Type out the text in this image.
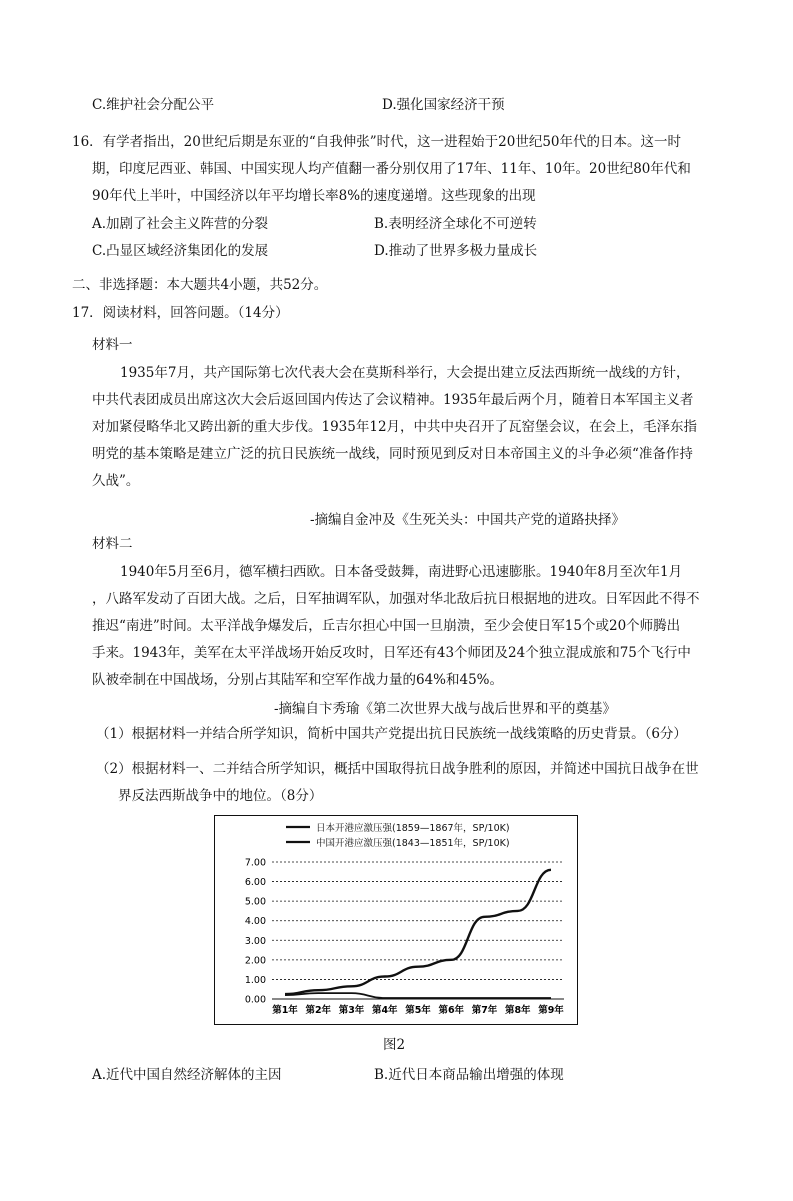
C.维护社会分配公平	D.强化国家经济干预
16．有学者指出，20世纪后期是东亚的“自我伸张”时代，这一进程始于20世纪50年代的日本。这一时
期，印度尼西亚、韩国、中国实现人均产值翻一番分别仅用了17年、11年、10年。20世纪80年代和
90年代上半叶，中国经济以年平均增长率8%的速度递增。这些现象的出现
A.加剧了社会主义阵营的分裂	B.表明经济全球化不可逆转
C.凸显区域经济集团化的发展	D.推动了世界多极力量成长
二、非选择题：本大题共4小题，共52分。
17．阅读材料，回答问题。（14分）
材料一
1935年7月，共产国际第七次代表大会在莫斯科举行，大会提出建立反法西斯统一战线的方针，
中共代表团成员出席这次大会后返回国内传达了会议精神。1935年最后两个月，随着日本军国主义者
对加紧侵略华北又跨出新的重大步伐。1935年12月，中共中央召开了瓦窑堡会议，在会上，毛泽东指
明党的基本策略是建立广泛的抗日民族统一战线，同时预见到反对日本帝国主义的斗争必须“准备作持
久战”。
-摘编自金冲及《生死关头：中国共产党的道路抉择》
材料二
1940年5月至6月，德军横扫西欧。日本备受鼓舞，南进野心迅速膨胀。1940年8月至次年1月
，八路军发动了百团大战。之后，日军抽调军队，加强对华北敌后抗日根据地的进攻。日军因此不得不
推迟“南进”时间。太平洋战争爆发后，丘吉尔担心中国一旦崩溃，至少会使日军15个或20个师腾出
手来。1943年，美军在太平洋战场开始反攻时，日军还有43个师团及24个独立混成旅和75个飞行中
队被牵制在中国战场，分别占其陆军和空军作战力量的64%和45%。
-摘编自卞秀瑜《第二次世界大战与战后世界和平的奠基》
（1）根据材料一并结合所学知识，简析中国共产党提出抗日民族统一战线策略的历史背景。（6分）
（2）根据材料一、二并结合所学知识，概括中国取得抗日战争胜利的原因，并简述中国抗日战争在世
界反法西斯战争中的地位。（8分）
日本开港应激压强(1859—1867年，SP/10K)
中国开港应激压强(1843—1851年，SP/10K)
0.00
1.00
2.00
3.00
4.00
5.00
6.00
7.00
第1年 第2年 第3年 第4年 第5年 第6年 第7年 第8年 第9年
图2
A.近代中国自然经济解体的主因	B.近代日本商品输出增强的体现
